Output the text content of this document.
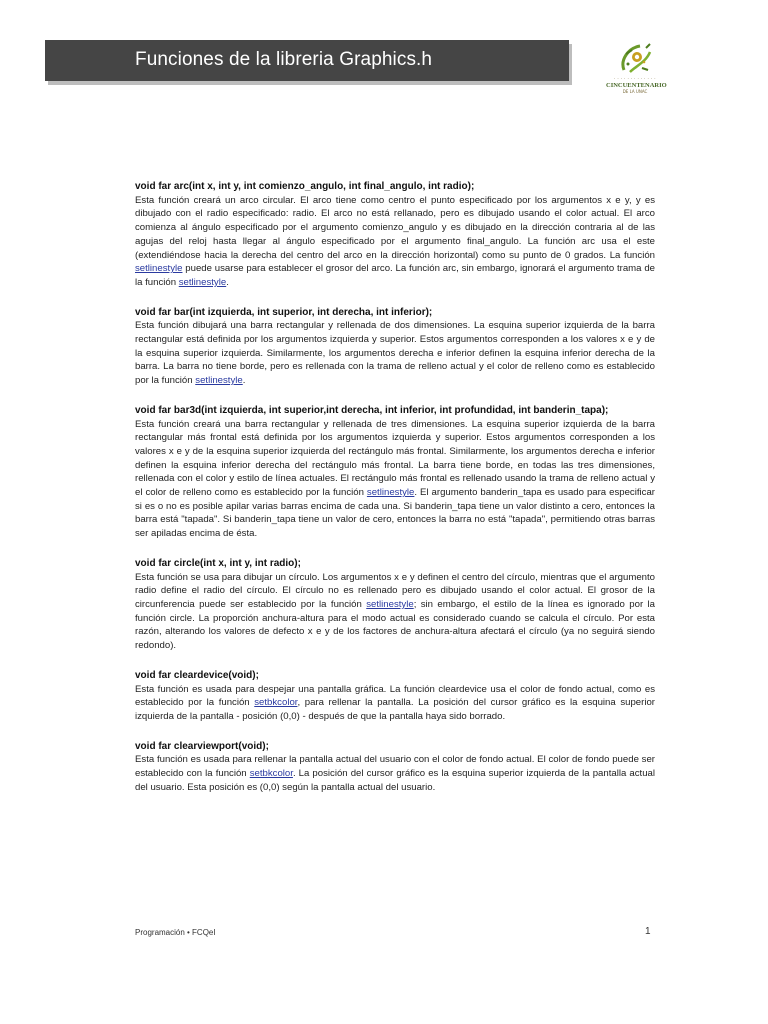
Funciones de la libreria Graphics.h
· · · · · · · · · · · · ·
CINCUENTENARIO
DE LA UNAC
void far arc(int x, int y, int comienzo_angulo, int final_angulo, int radio);
Esta función creará un arco circular. El arco tiene como centro el punto especificado por los argumentos x e y, y es dibujado con el radio especificado: radio. El arco no está rellanado, pero es dibujado usando el color actual. El arco comienza al ángulo especificado por el argumento comienzo_angulo y es dibujado en la dirección contraria al de las agujas del reloj hasta llegar al ángulo especificado por el argumento final_angulo. La función arc usa el este (extendiéndose hacia la derecha del centro del arco en la dirección horizontal) como su punto de 0 grados. La función setlinestyle puede usarse para establecer el grosor del arco. La función arc, sin embargo, ignorará el argumento trama de la función setlinestyle.
void far bar(int izquierda, int superior, int derecha, int inferior);
Esta función dibujará una barra rectangular y rellenada de dos dimensiones. La esquina superior izquierda de la barra rectangular está definida por los argumentos izquierda y superior. Estos argumentos corresponden a los valores x e y de la esquina superior izquierda. Similarmente, los argumentos derecha e inferior definen la esquina inferior derecha de la barra. La barra no tiene borde, pero es rellenada con la trama de relleno actual y el color de relleno como es establecido por la función setlinestyle.
void far bar3d(int izquierda, int superior,int derecha, int inferior, int profundidad, int banderin_tapa);
Esta función creará una barra rectangular y rellenada de tres dimensiones. La esquina superior izquierda de la barra rectangular más frontal está definida por los argumentos izquierda y superior. Estos argumentos corresponden a los valores x e y de la esquina superior izquierda del rectángulo más frontal. Similarmente, los argumentos derecha e inferior definen la esquina inferior derecha del rectángulo más frontal. La barra tiene borde, en todas las tres dimensiones, rellenada con el color y estilo de línea actuales. El rectángulo más frontal es rellenado usando la trama de relleno actual y el color de relleno como es establecido por la función setlinestyle. El argumento banderin_tapa es usado para especificar si es o no es posible apilar varias barras encima de cada una. Si banderin_tapa tiene un valor distinto a cero, entonces la barra está "tapada". Si banderin_tapa tiene un valor de cero, entonces la barra no está "tapada", permitiendo otras barras ser apiladas encima de ésta.
void far circle(int x, int y, int radio);
Esta función se usa para dibujar un círculo. Los argumentos x e y definen el centro del círculo, mientras que el argumento radio define el radio del círculo. El círculo no es rellenado pero es dibujado usando el color actual. El grosor de la circunferencia puede ser establecido por la función setlinestyle; sin embargo, el estilo de la línea es ignorado por la función circle. La proporción anchura-altura para el modo actual es considerado cuando se calcula el círculo. Por esta razón, alterando los valores de defecto x e y de los factores de anchura-altura afectará el círculo (ya no seguirá siendo redondo).
void far cleardevice(void);
Esta función es usada para despejar una pantalla gráfica. La función cleardevice usa el color de fondo actual, como es establecido por la función setbkcolor, para rellenar la pantalla. La posición del cursor gráfico es la esquina superior izquierda de la pantalla - posición (0,0) - después de que la pantalla haya sido borrado.
void far clearviewport(void);
Esta función es usada para rellenar la pantalla actual del usuario con el color de fondo actual. El color de fondo puede ser establecido con la función setbkcolor. La posición del cursor gráfico es la esquina superior izquierda de la pantalla actual del usuario. Esta posición es (0,0) según la pantalla actual del usuario.
Programación • FCQeI	1
